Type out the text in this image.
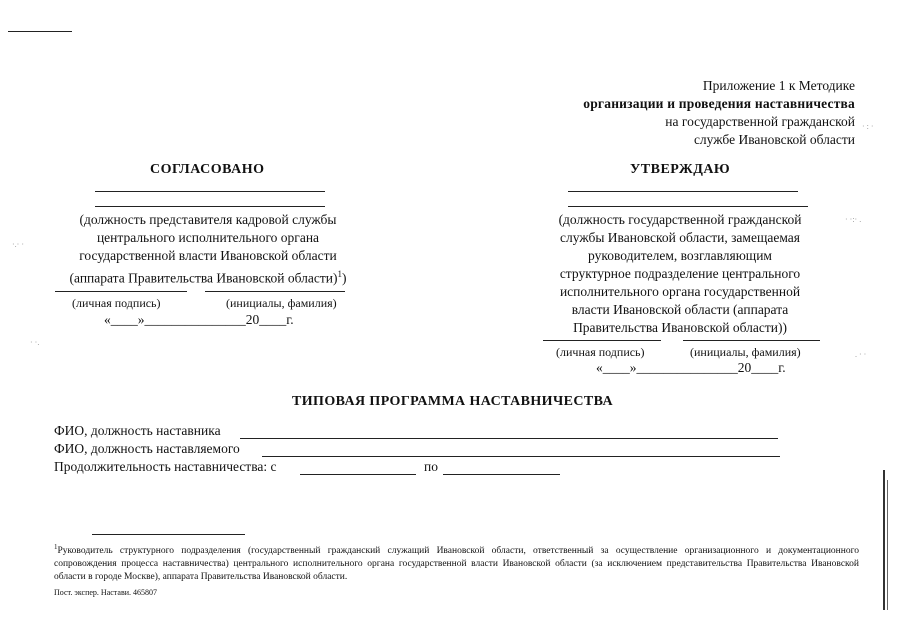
· : ·
· ·:· .
. · ·
·.· ·
· ·.
Приложение 1 к Методике
организации и проведения наставничества
на государственной гражданской
службе Ивановской области
СОГЛАСОВАНО
(должность представителя кадровой службы
центрального исполнительного органа
государственной власти Ивановской области
(аппарата Правительства Ивановской области)$^1$)
(личная подпись)	(инициалы, фамилия)
«____»_______________20____г.
УТВЕРЖДАЮ
(должность государственной гражданской
службы Ивановской области, замещаемая
руководителем, возглавляющим
структурное подразделение центрального
исполнительного органа государственной
власти Ивановской области (аппарата
Правительства Ивановской области))
(личная подпись)	(инициалы, фамилия)
«____»_______________20____г.
ТИПОВАЯ ПРОГРАММА НАСТАВНИЧЕСТВА
ФИО, должность наставника
ФИО, должность наставляемого
Продолжительность наставничества: с	по
$^1$Руководитель структурного подразделения (государственный гражданский служащий Ивановской области, ответственный за осуществление организационного и документационного сопровождения процесса наставничества) центрального исполнительного органа государственной власти Ивановской области (за исключением представительства Правительства Ивановской области в городе Москве), аппарата Правительства Ивановской области.
Пост. экспер. Настави. 465807
